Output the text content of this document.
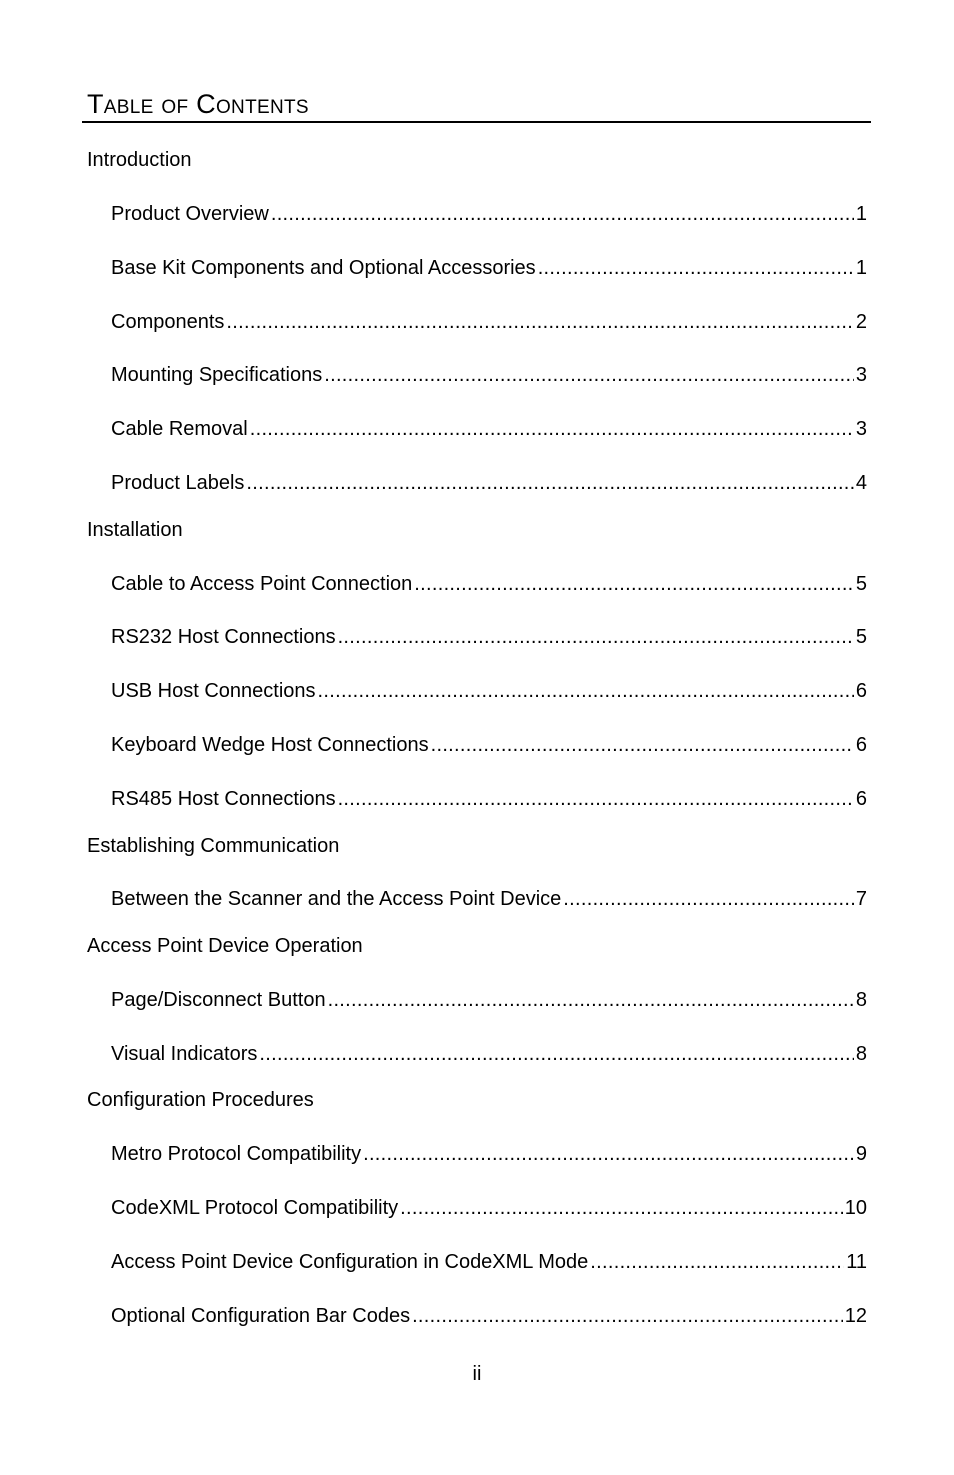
Table of Contents
Introduction
Product Overview .....	1
Base Kit Components and Optional Accessories .....	1
Components .....	2
Mounting Specifications .....	3
Cable Removal .....	3
Product Labels .....	4
Installation
Cable to Access Point Connection .....	5
RS232 Host Connections .....	5
USB Host Connections .....	6
Keyboard Wedge Host Connections .....	6
RS485 Host Connections .....	6
Establishing Communication
Between the Scanner and the Access Point Device .....	7
Access Point Device Operation
Page/Disconnect Button .....	8
Visual Indicators .....	8
Configuration Procedures
Metro Protocol Compatibility .....	9
CodeXML Protocol Compatibility .....	10
Access Point Device Configuration in CodeXML Mode .....	11
Optional Configuration Bar Codes .....	12
ii
